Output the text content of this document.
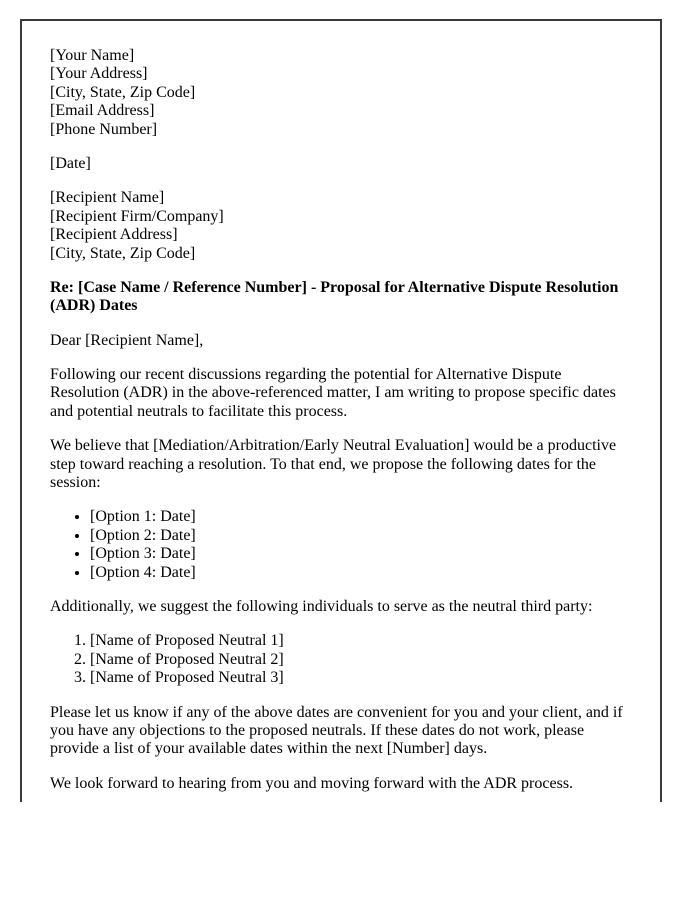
[Your Name]
[Your Address]
[City, State, Zip Code]
[Email Address]
[Phone Number]

[Date]

[Recipient Name]
[Recipient Firm/Company]
[Recipient Address]
[City, State, Zip Code]

Re: [Case Name / Reference Number] - Proposal for Alternative Dispute Resolution (ADR) Dates

Dear [Recipient Name],

Following our recent discussions regarding the potential for Alternative Dispute Resolution (ADR) in the above-referenced matter, I am writing to propose specific dates and potential neutrals to facilitate this process.

We believe that [Mediation/Arbitration/Early Neutral Evaluation] would be a productive step toward reaching a resolution. To that end, we propose the following dates for the session:

• [Option 1: Date]
• [Option 2: Date]
• [Option 3: Date]
• [Option 4: Date]

Additionally, we suggest the following individuals to serve as the neutral third party:

1. [Name of Proposed Neutral 1]
2. [Name of Proposed Neutral 2]
3. [Name of Proposed Neutral 3]

Please let us know if any of the above dates are convenient for you and your client, and if you have any objections to the proposed neutrals. If these dates do not work, please provide a list of your available dates within the next [Number] days.

We look forward to hearing from you and moving forward with the ADR process.
